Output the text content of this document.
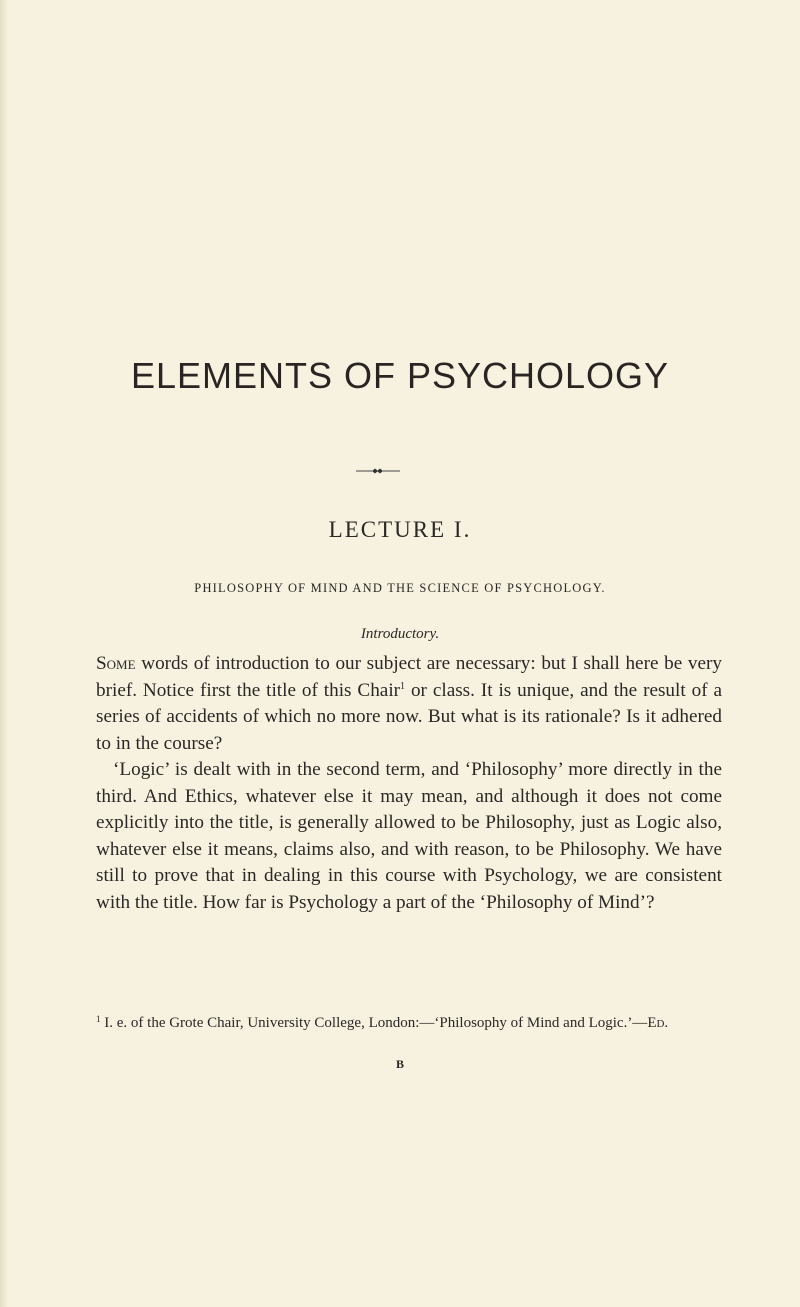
ELEMENTS OF PSYCHOLOGY
LECTURE I.
PHILOSOPHY OF MIND AND THE SCIENCE OF PSYCHOLOGY.
Introductory.

Some words of introduction to our subject are necessary: but I shall here be very brief. Notice first the title of this Chair$^1$ or class. It is unique, and the result of a series of accidents of which no more now. But what is its rationale? Is it adhered to in the course?

‘Logic’ is dealt with in the second term, and ‘Philosophy’ more directly in the third. And Ethics, whatever else it may mean, and although it does not come explicitly into the title, is generally allowed to be Philosophy, just as Logic also, whatever else it means, claims also, and with reason, to be Philosophy. We have still to prove that in dealing in this course with Psychology, we are consistent with the title. How far is Psychology a part of the ‘Philosophy of Mind’?

$^1$ I. e. of the Grote Chair, University College, London:—‘Philosophy of Mind and Logic.’—Ed.
B
